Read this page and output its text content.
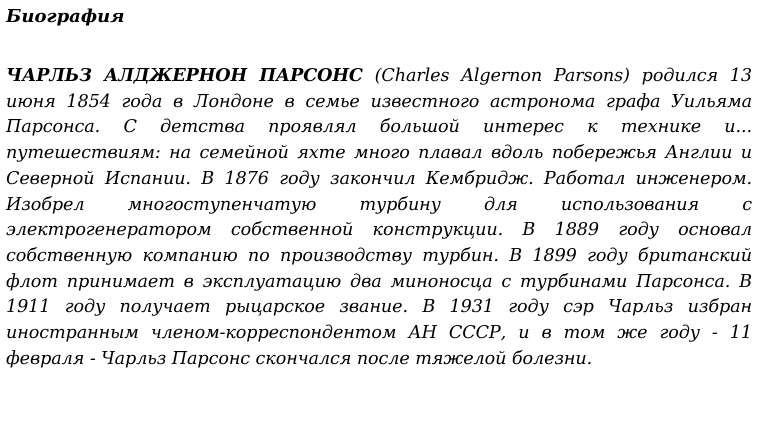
Биография

ЧАРЛЬЗ АЛДЖЕРНОН ПАРСОНС (Charles Algernon Parsons) родился 13 июня 1854 года в Лондоне в семье известного астронома графа Уильяма Парсонса. С детства проявлял большой интерес к технике и... путешествиям: на семейной яхте много плавал вдоль побережья Англии и Северной Испании. В 1876 году закончил Кембридж. Работал инженером. Изобрел многоступенчатую турбину для использования с электрогенератором собственной конструкции. В 1889 году основал собственную компанию по производству турбин. В 1899 году британский флот принимает в эксплуатацию два миноносца с турбинами Парсонса. В 1911 году получает рыцарское звание. В 1931 году сэр Чарльз избран иностранным членом-корреспондентом АН СССР, и в том же году - 11 февраля - Чарльз Парсонс скончался после тяжелой болезни.
